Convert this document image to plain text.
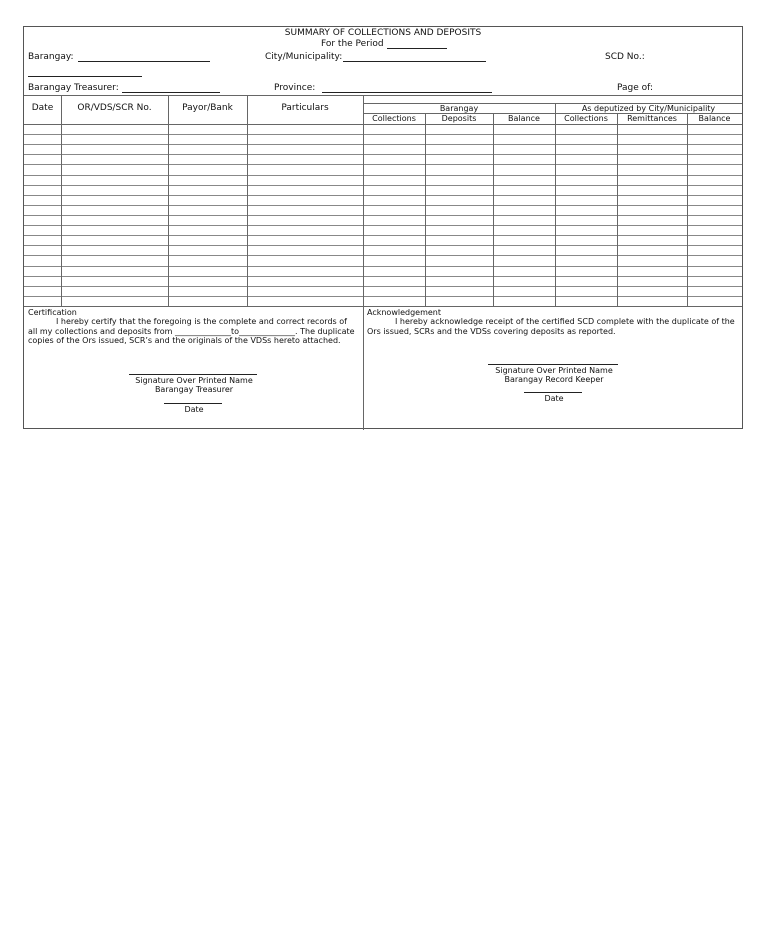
SUMMARY OF COLLECTIONS AND DEPOSITS
For the Period
Barangay:	City/Municipality:	SCD No.:
Barangay Treasurer:	Province:	Page of:
Date	OR/VDS/SCR No.	Payor/Bank	Particulars	Barangay	As deputized by City/Municipality
Collections	Deposits	Balance	Collections	Remittances	Balance
Certification
I hereby certify that the foregoing is the complete and correct records of all my collections and deposits from ______________to______________. The duplicate copies of the Ors issued, SCR’s and the originals of the VDSs hereto attached.
Signature Over Printed Name
Barangay Treasurer
Date
Acknowledgement
I hereby acknowledge receipt of the certified SCD complete with the duplicate of the Ors issued, SCRs and the VDSs covering deposits as reported.
Signature Over Printed Name
Barangay Record Keeper
Date
